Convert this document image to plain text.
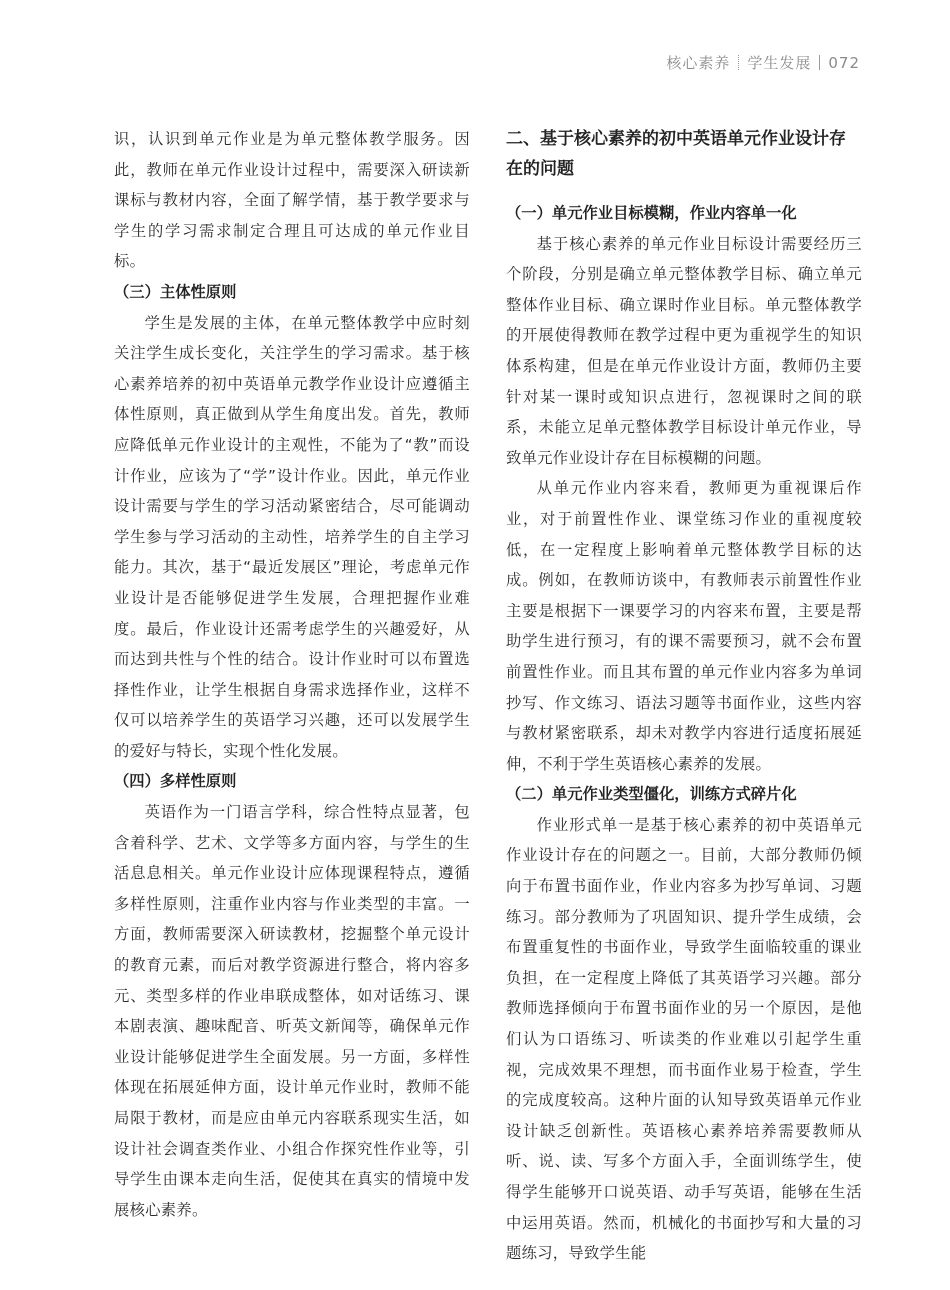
核心素养 学生发展 072

识，认识到单元作业是为单元整体教学服务。因此，教师在单元作业设计过程中，需要深入研读新课标与教材内容，全面了解学情，基于教学要求与学生的学习需求制定合理且可达成的单元作业目标。

（三）主体性原则

学生是发展的主体，在单元整体教学中应时刻关注学生成长变化，关注学生的学习需求。基于核心素养培养的初中英语单元教学作业设计应遵循主体性原则，真正做到从学生角度出发。首先，教师应降低单元作业设计的主观性，不能为了“教”而设计作业，应该为了“学”设计作业。因此，单元作业设计需要与学生的学习活动紧密结合，尽可能调动学生参与学习活动的主动性，培养学生的自主学习能力。其次，基于“最近发展区”理论，考虑单元作业设计是否能够促进学生发展，合理把握作业难度。最后，作业设计还需考虑学生的兴趣爱好，从而达到共性与个性的结合。设计作业时可以布置选择性作业，让学生根据自身需求选择作业，这样不仅可以培养学生的英语学习兴趣，还可以发展学生的爱好与特长，实现个性化发展。

（四）多样性原则

英语作为一门语言学科，综合性特点显著，包含着科学、艺术、文学等多方面内容，与学生的生活息息相关。单元作业设计应体现课程特点，遵循多样性原则，注重作业内容与作业类型的丰富。一方面，教师需要深入研读教材，挖掘整个单元设计的教育元素，而后对教学资源进行整合，将内容多元、类型多样的作业串联成整体，如对话练习、课本剧表演、趣味配音、听英文新闻等，确保单元作业设计能够促进学生全面发展。另一方面，多样性体现在拓展延伸方面，设计单元作业时，教师不能局限于教材，而是应由单元内容联系现实生活，如设计社会调查类作业、小组合作探究性作业等，引导学生由课本走向生活，促使其在真实的情境中发展核心素养。

二、基于核心素养的初中英语单元作业设计存在的问题
（一）单元作业目标模糊，作业内容单一化

基于核心素养的单元作业目标设计需要经历三个阶段，分别是确立单元整体教学目标、确立单元整体作业目标、确立课时作业目标。单元整体教学的开展使得教师在教学过程中更为重视学生的知识体系构建，但是在单元作业设计方面，教师仍主要针对某一课时或知识点进行，忽视课时之间的联系，未能立足单元整体教学目标设计单元作业，导致单元作业设计存在目标模糊的问题。

从单元作业内容来看，教师更为重视课后作业，对于前置性作业、课堂练习作业的重视度较低，在一定程度上影响着单元整体教学目标的达成。例如，在教师访谈中，有教师表示前置性作业主要是根据下一课要学习的内容来布置，主要是帮助学生进行预习，有的课不需要预习，就不会布置前置性作业。而且其布置的单元作业内容多为单词抄写、作文练习、语法习题等书面作业，这些内容与教材紧密联系，却未对教学内容进行适度拓展延伸，不利于学生英语核心素养的发展。

（二）单元作业类型僵化，训练方式碎片化

作业形式单一是基于核心素养的初中英语单元作业设计存在的问题之一。目前，大部分教师仍倾向于布置书面作业，作业内容多为抄写单词、习题练习。部分教师为了巩固知识、提升学生成绩，会布置重复性的书面作业，导致学生面临较重的课业负担，在一定程度上降低了其英语学习兴趣。部分教师选择倾向于布置书面作业的另一个原因，是他们认为口语练习、听读类的作业难以引起学生重视，完成效果不理想，而书面作业易于检查，学生的完成度较高。这种片面的认知导致英语单元作业设计缺乏创新性。英语核心素养培养需要教师从听、说、读、写多个方面入手，全面训练学生，使得学生能够开口说英语、动手写英语，能够在生活中运用英语。然而，机械化的书面抄写和大量的习题练习，导致学生能
